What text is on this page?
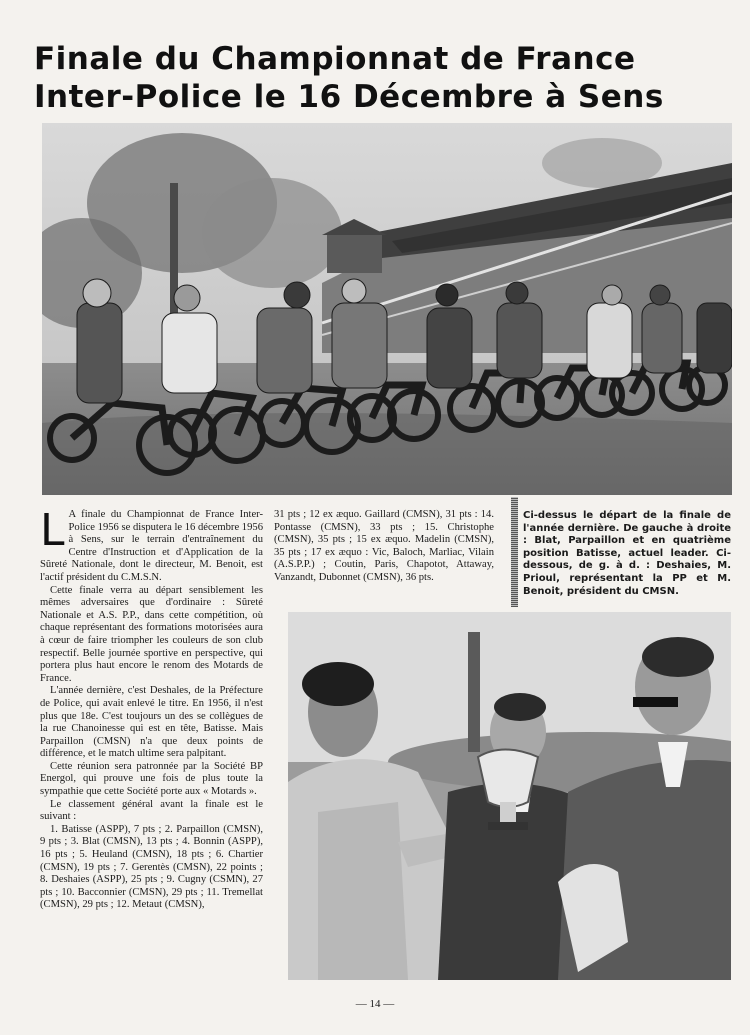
Finale du Championnat de France
Inter-Police le 16 Décembre à Sens

L A finale du Championnat de France Inter-Police 1956 se disputera le 16 décembre 1956 à Sens, sur le terrain d'entraînement du Centre d'Instruction et d'Application de la Sûreté Nationale, dont le directeur, M. Benoit, est l'actif président du C.M.S.N.

Cette finale verra au départ sensiblement les mêmes adversaires que d'ordinaire : Sûreté Nationale et A.S. P.P., dans cette compétition, où chaque représentant des formations motorisées aura à cœur de faire triompher les couleurs de son club respectif. Belle journée sportive en perspective, qui portera plus haut encore le renom des Motards de France.

L'année dernière, c'est Deshales, de la Préfecture de Police, qui avait enlevé le titre. En 1956, il n'est plus que 18e. C'est toujours un des se collègues de la rue Chanoinesse qui est en tête, Batisse. Mais Parpaillon (CMSN) n'a que deux points de différence, et le match ultime sera palpitant.

Cette réunion sera patronnée par la Société BP Energol, qui prouve une fois de plus toute la sympathie que cette Société porte aux « Motards ».

Le classement général avant la finale est le suivant :

1. Batisse (ASPP), 7 pts ; 2. Parpaillon (CMSN), 9 pts ; 3. Blat (CMSN), 13 pts ; 4. Bonnin (ASPP), 16 pts ; 5. Heuland (CMSN), 18 pts ; 6. Chartier (CMSN), 19 pts ; 7. Gerentès (CMSN), 22 points ; 8. Deshaies (ASPP), 25 pts ; 9. Cugny (CSMN), 27 pts ; 10. Bacconnier (CMSN), 29 pts ; 11. Tremellat (CMSN), 29 pts ; 12. Metaut (CMSN),

31 pts ; 12 ex æquo. Gaillard (CMSN), 31 pts : 14. Pontasse (CMSN), 33 pts ; 15. Christophe (CMSN), 35 pts ; 15 ex æquo. Madelin (CMSN), 35 pts ; 17 ex æquo : Vic, Baloch, Marliac, Vilain (A.S.P.P.) ; Coutin, Paris, Chapotot, Attaway, Vanzandt, Dubonnet (CMSN), 36 pts.

Ci-dessus le départ de la finale de l'année dernière. De gauche à droite : Blat, Parpaillon et en quatrième position Batisse, actuel leader. Ci-dessous, de g. à d. : Deshaies, M. Prioul, représentant la PP et M. Benoit, président du CMSN.
— 14 —
